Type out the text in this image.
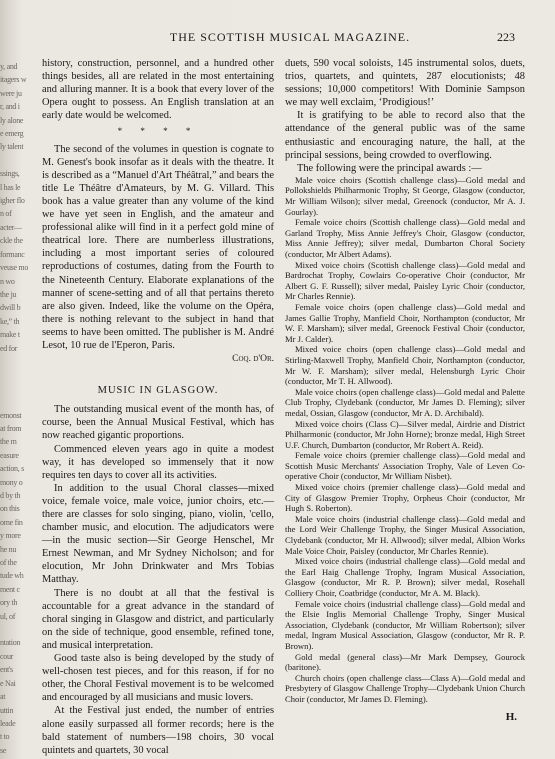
y, and
itagers w
were ju
r, and i
ly alone
e emerg
ly talent

ssings,
l has le
igher flo
n of
acter—
ckle the
formanc
veuse mo
n wo
the ju
dwill b
ke,” th
make t
ed for

emonst
at from
the m
easure
action, s
mony o
d by th
on this
ome fin
y more
he nu
of the
tude wh
ment c
ory th
ul, of

ntation
cour
ent's
e Nai
at
uttin
leade
t to
se
THE SCOTTISH MUSICAL MAGAZINE.	223

history, construction, personnel, and a hundred other things besides, all are related in the most entertaining and alluring manner. It is a book that every lover of the Opera ought to possess. An English translation at an early date would be welcomed.

* * * *

The second of the volumes in question is cognate to M. Genest's book insofar as it deals with the theatre. It is described as a “Manuel d'Art Théâtral,” and bears the title Le Théâtre d'Amateurs, by M. G. Villard. This book has a value greater than any volume of the kind we have yet seen in English, and the amateur and professional alike will find in it a perfect gold mine of theatrical lore. There are numberless illustrations, including a most important series of coloured reproductions of costumes, dating from the Fourth to the Nineteenth Century. Elaborate explanations of the manner of scene-setting and of all that pertains thereto are also given. Indeed, like the volume on the Opéra, there is nothing relevant to the subject in hand that seems to have been omitted. The publisher is M. André Lesot, 10 rue de l'Eperon, Paris.

Coq. d'Or.
MUSIC IN GLASGOW.

The outstanding musical event of the month has, of course, been the Annual Musical Festival, which has now reached gigantic proportions.

Commenced eleven years ago in quite a modest way, it has developed so immensely that it now requires ten days to cover all its activities.

In addition to the usual Choral classes—mixed voice, female voice, male voice, junior choirs, etc.—there are classes for solo singing, piano, violin, 'cello, chamber music, and elocution. The adjudicators were—in the music section—Sir George Henschel, Mr Ernest Newman, and Mr Sydney Nicholson; and for elocution, Mr John Drinkwater and Mrs Tobias Matthay.

There is no doubt at all that the festival is accountable for a great advance in the standard of choral singing in Glasgow and district, and particularly on the side of technique, good ensemble, refined tone, and musical interpretation.

Good taste also is being developed by the study of well-chosen test pieces, and for this reason, if for no other, the Choral Festival movement is to be welcomed and encouraged by all musicians and music lovers.

At the Festival just ended, the number of entries alone easily surpassed all former records; here is the bald statement of numbers—198 choirs, 30 vocal quintets and quartets, 30 vocal

duets, 590 vocal soloists, 145 instrumental solos, duets, trios, quartets, and quintets, 287 elocutionists; 48 sessions; 10,000 competitors! With Dominie Sampson we may well exclaim, ‘Prodigious!’

It is gratifying to be able to record also that the attendance of the general public was of the same enthusiastic and encouraging nature, the hall, at the principal sessions, being crowded to overflowing.

The following were the principal awards :—

Male voice choirs (Scottish challenge class)—Gold medal and Pollokshields Philharmonic Trophy, St George, Glasgow (conductor, Mr William Wilson); silver medal, Greenock (conductor, Mr A. J. Gourlay).

Female voice choirs (Scottish challenge class)—Gold medal and Garland Trophy, Miss Annie Jeffrey's Choir, Glasgow (conductor, Miss Annie Jeffrey); silver medal, Dumbarton Choral Society (conductor, Mr Albert Adams).

Mixed voice choirs (Scottish challenge class)—Gold medal and Bardrochat Trophy, Cowlairs Co-operative Choir (conductor, Mr Albert G. F. Russell); silver medal, Paisley Lyric Choir (conductor, Mr Charles Rennie).

Female voice choirs (open challenge class)—Gold medal and James Gallie Trophy, Manfield Choir, Northampton (conductor, Mr W. F. Marsham); silver medal, Greenock Festival Choir (conductor, Mr J. Calder).

Mixed voice choirs (open challenge class)—Gold medal and Stirling-Maxwell Trophy, Manfield Choir, Northampton (conductor, Mr W. F. Marsham); silver medal, Helensburgh Lyric Choir (conductor, Mr T. H. Allwood).

Male voice choirs (open challenge class)—Gold medal and Palette Club Trophy, Clydebank (conductor, Mr James D. Fleming); silver medal, Ossian, Glasgow (conductor, Mr A. D. Archibald).

Mixed voice choirs (Class C)—Silver medal, Airdrie and District Philharmonic (conductor, Mr John Horne); bronze medal, High Street U.F. Church, Dumbarton (conductor, Mr Robert A. Reid).

Female voice choirs (premier challenge class)—Gold medal and Scottish Music Merchants' Association Trophy, Vale of Leven Co-operative Choir (conductor, Mr William Nisbet).

Mixed voice choirs (premier challenge class)—Gold medal and City of Glasgow Premier Trophy, Orpheus Choir (conductor, Mr Hugh S. Roberton).

Male voice choirs (industrial challenge class)—Gold medal and the Lord Weir Challenge Trophy, the Singer Musical Association, Clydebank (conductor, Mr H. Allwood); silver medal, Albion Works Male Voice Choir, Paisley (conductor, Mr Charles Rennie).

Mixed voice choirs (industrial challenge class)—Gold medal and the Earl Haig Challenge Trophy, Ingram Musical Association, Glasgow (conductor, Mr R. P. Brown); silver medal, Rosehall Colliery Choir, Coatbridge (conductor, Mr A. M. Black).

Female voice choirs (industrial challenge class)—Gold medal and the Elsie Inglis Memorial Challenge Trophy, Singer Musical Association, Clydebank (conductor, Mr William Robertson); silver medal, Ingram Musical Association, Glasgow (conductor, Mr R. P. Brown).

Gold medal (general class)—Mr Mark Dempsey, Gourock (baritone).

Church choirs (open challenge class—Class A)—Gold medal and Presbytery of Glasgow Challenge Trophy—Clydebank Union Church Choir (conductor, Mr James D. Fleming).

H.
